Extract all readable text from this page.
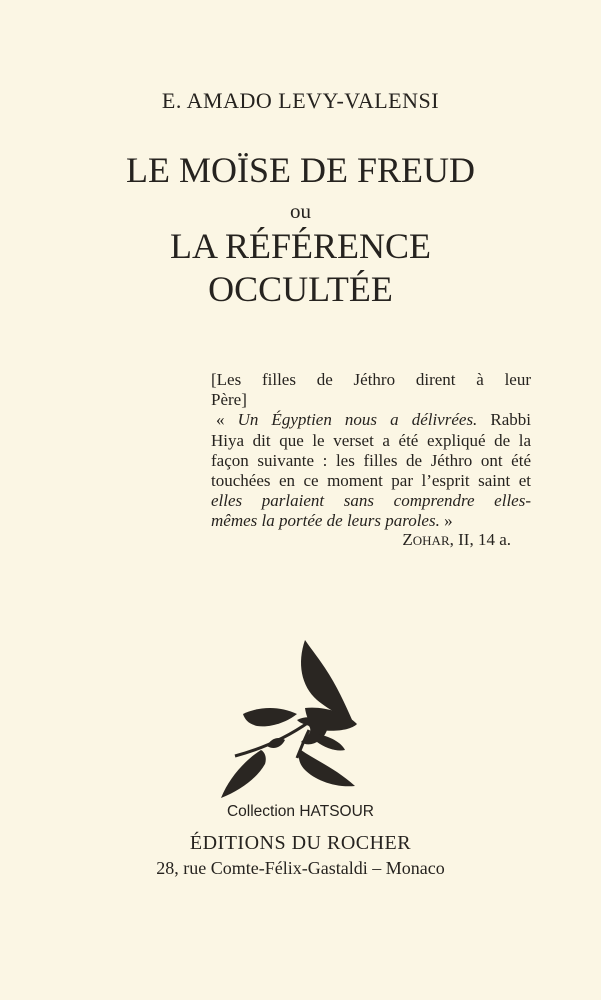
E. AMADO LEVY-VALENSI
LE MOÏSE DE FREUD
ou
LA RÉFÉRENCE
OCCULTÉE
[Les filles de Jéthro dirent à leur
Père]
« Un Égyptien nous a délivrées. Rabbi
Hiya dit que le verset a été expliqué de la
façon suivante : les filles de Jéthro ont été
touchées en ce moment par l’esprit saint et
elles parlaient sans comprendre elles-
mêmes la portée de leurs paroles. »
ZOHAR, II, 14 a.
Collection HATSOUR
ÉDITIONS DU ROCHER
28, rue Comte-Félix-Gastaldi – Monaco
